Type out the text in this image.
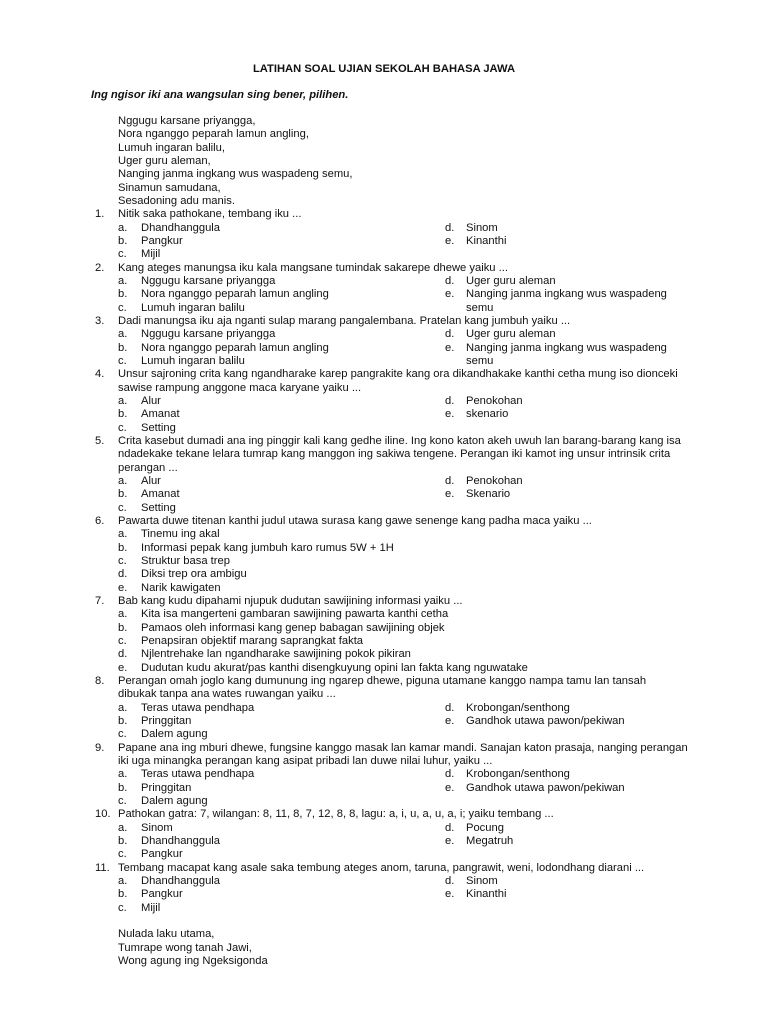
LATIHAN SOAL UJIAN SEKOLAH BAHASA JAWA
Ing ngisor iki ana wangsulan sing bener, pilihen.
Nggugu karsane priyangga,
Nora nganggo peparah lamun angling,
Lumuh ingaran balilu,
Uger guru aleman,
Nanging janma ingkang wus waspadeng semu,
Sinamun samudana,
Sesadoning adu manis.
1.	Nitik saka pathokane, tembang iku ...
a. Dhandhanggula
b. Pangkur
c. Mijil
d. Sinom
e. Kinanthi
2.	Kang ateges manungsa iku kala mangsane tumindak sakarepe dhewe yaiku ...
a. Nggugu karsane priyangga
b. Nora nganggo peparah lamun angling
c. Lumuh ingaran balilu
d. Uger guru aleman
e. Nanging janma ingkang wus waspadeng
semu
3.	Dadi manungsa iku aja nganti sulap marang pangalembana. Pratelan kang jumbuh yaiku ...
a. Nggugu karsane priyangga
b. Nora nganggo peparah lamun angling
c. Lumuh ingaran balilu
d. Uger guru aleman
e. Nanging janma ingkang wus waspadeng
semu
4.	Unsur sajroning crita kang ngandharake karep pangrakite kang ora dikandhakake kanthi cetha mung iso dionceki
sawise rampung anggone maca karyane yaiku ...
a. Alur
b. Amanat
c. Setting
d. Penokohan
e. skenario
5.	Crita kasebut dumadi ana ing pinggir kali kang gedhe iline. Ing kono katon akeh uwuh lan barang-barang kang isa
ndadekake tekane lelara tumrap kang manggon ing sakiwa tengene. Perangan iki kamot ing unsur intrinsik crita
perangan ...
a. Alur
b. Amanat
c. Setting
d. Penokohan
e. Skenario
6.	Pawarta duwe titenan kanthi judul utawa surasa kang gawe senenge kang padha maca yaiku ...
a. Tinemu ing akal
b. Informasi pepak kang jumbuh karo rumus 5W + 1H
c. Struktur basa trep
d. Diksi trep ora ambigu
e. Narik kawigaten
7.	Bab kang kudu dipahami njupuk dudutan sawijining informasi yaiku ...
a. Kita isa mangerteni gambaran sawijining pawarta kanthi cetha
b. Pamaos oleh informasi kang genep babagan sawijining objek
c. Penapsiran objektif marang saprangkat fakta
d. Njlentrehake lan ngandharake sawijining pokok pikiran
e. Dudutan kudu akurat/pas kanthi disengkuyung opini lan fakta kang nguwatake
8.	Perangan omah joglo kang dumunung ing ngarep dhewe, piguna utamane kanggo nampa tamu lan tansah
dibukak tanpa ana wates ruwangan yaiku ...
a. Teras utawa pendhapa
b. Pringgitan
c. Dalem agung
d. Krobongan/senthong
e. Gandhok utawa pawon/pekiwan
9.	Papane ana ing mburi dhewe, fungsine kanggo masak lan kamar mandi. Sanajan katon prasaja, nanging perangan
iki uga minangka perangan kang asipat pribadi lan duwe nilai luhur, yaiku ...
a. Teras utawa pendhapa
b. Pringgitan
c. Dalem agung
d. Krobongan/senthong
e. Gandhok utawa pawon/pekiwan
10. Pathokan gatra: 7, wilangan: 8, 11, 8, 7, 12, 8, 8, lagu: a, i, u, a, u, a, i; yaiku tembang ...
a. Sinom
b. Dhandhanggula
c. Pangkur
d. Pocung
e. Megatruh
11. Tembang macapat kang asale saka tembung ateges anom, taruna, pangrawit, weni, lodondhang diarani ...
a. Dhandhanggula
b. Pangkur
c. Mijil
d. Sinom
e. Kinanthi
Nulada laku utama,
Tumrape wong tanah Jawi,
Wong agung ing Ngeksigonda
